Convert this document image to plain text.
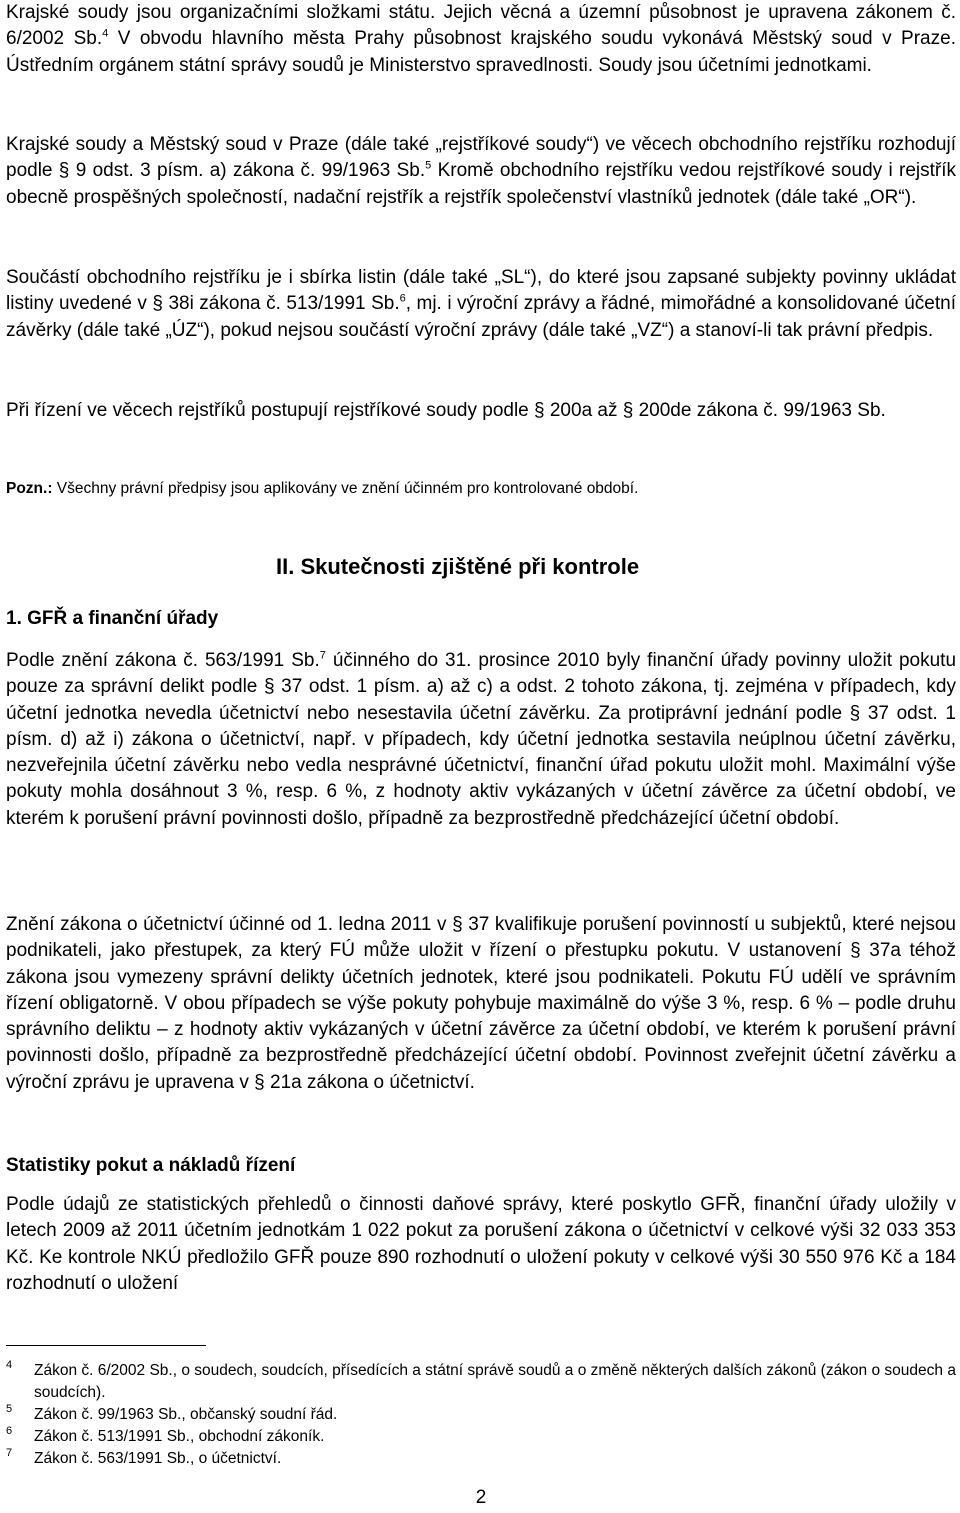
Krajské soudy jsou organizačními složkami státu. Jejich věcná a územní působnost je upravena zákonem č. 6/2002 Sb.$^4$ V obvodu hlavního města Prahy působnost krajského soudu vykonává Městský soud v Praze. Ústředním orgánem státní správy soudů je Ministerstvo spravedlnosti. Soudy jsou účetními jednotkami.

Krajské soudy a Městský soud v Praze (dále také „rejstříkové soudy“) ve věcech obchodního rejstříku rozhodují podle § 9 odst. 3 písm. a) zákona č. 99/1963 Sb.$^5$ Kromě obchodního rejstříku vedou rejstříkové soudy i rejstřík obecně prospěšných společností, nadační rejstřík a rejstřík společenství vlastníků jednotek (dále také „OR“).

Součástí obchodního rejstříku je i sbírka listin (dále také „SL“), do které jsou zapsané subjekty povinny ukládat listiny uvedené v § 38i zákona č. 513/1991 Sb.$^6$, mj. i výroční zprávy a řádné, mimořádné a konsolidované účetní závěrky (dále také „ÚZ“), pokud nejsou součástí výroční zprávy (dále také „VZ“) a stanoví-li tak právní předpis.

Při řízení ve věcech rejstříků postupují rejstříkové soudy podle § 200a až § 200de zákona č. 99/1963 Sb.

Pozn.: Všechny právní předpisy jsou aplikovány ve znění účinném pro kontrolované období.

II. Skutečnosti zjištěné při kontrole
1. GFŘ a finanční úřady

Podle znění zákona č. 563/1991 Sb.$^7$ účinného do 31. prosince 2010 byly finanční úřady povinny uložit pokutu pouze za správní delikt podle § 37 odst. 1 písm. a) až c) a odst. 2 tohoto zákona, tj. zejména v případech, kdy účetní jednotka nevedla účetnictví nebo nesestavila účetní závěrku. Za protiprávní jednání podle § 37 odst. 1 písm. d) až i) zákona o účetnictví, např. v případech, kdy účetní jednotka sestavila neúplnou účetní závěrku, nezveřejnila účetní závěrku nebo vedla nesprávné účetnictví, finanční úřad pokutu uložit mohl. Maximální výše pokuty mohla dosáhnout 3 %, resp. 6 %, z hodnoty aktiv vykázaných v účetní závěrce za účetní období, ve kterém k porušení právní povinnosti došlo, případně za bezprostředně předcházející účetní období.

Znění zákona o účetnictví účinné od 1. ledna 2011 v § 37 kvalifikuje porušení povinností u subjektů, které nejsou podnikateli, jako přestupek, za který FÚ může uložit v řízení o přestupku pokutu. V ustanovení § 37a téhož zákona jsou vymezeny správní delikty účetních jednotek, které jsou podnikateli. Pokutu FÚ udělí ve správním řízení obligatorně. V obou případech se výše pokuty pohybuje maximálně do výše 3 %, resp. 6 % – podle druhu správního deliktu – z hodnoty aktiv vykázaných v účetní závěrce za účetní období, ve kterém k porušení právní povinnosti došlo, případně za bezprostředně předcházející účetní období. Povinnost zveřejnit účetní závěrku a výroční zprávu je upravena v § 21a zákona o účetnictví.

Statistiky pokut a nákladů řízení

Podle údajů ze statistických přehledů o činnosti daňové správy, které poskytlo GFŘ, finanční úřady uložily v letech 2009 až 2011 účetním jednotkám 1 022 pokut za porušení zákona o účetnictví v celkové výši 32 033 353 Kč. Ke kontrole NKÚ předložilo GFŘ pouze 890 rozhodnutí o uložení pokuty v celkové výši 30 550 976 Kč a 184 rozhodnutí o uložení

4 Zákon č. 6/2002 Sb., o soudech, soudcích, přísedících a státní správě soudů a o změně některých dalších zákonů (zákon o soudech a soudcích).
5 Zákon č. 99/1963 Sb., občanský soudní řád.
6 Zákon č. 513/1991 Sb., obchodní zákoník.
7 Zákon č. 563/1991 Sb., o účetnictví.
2
